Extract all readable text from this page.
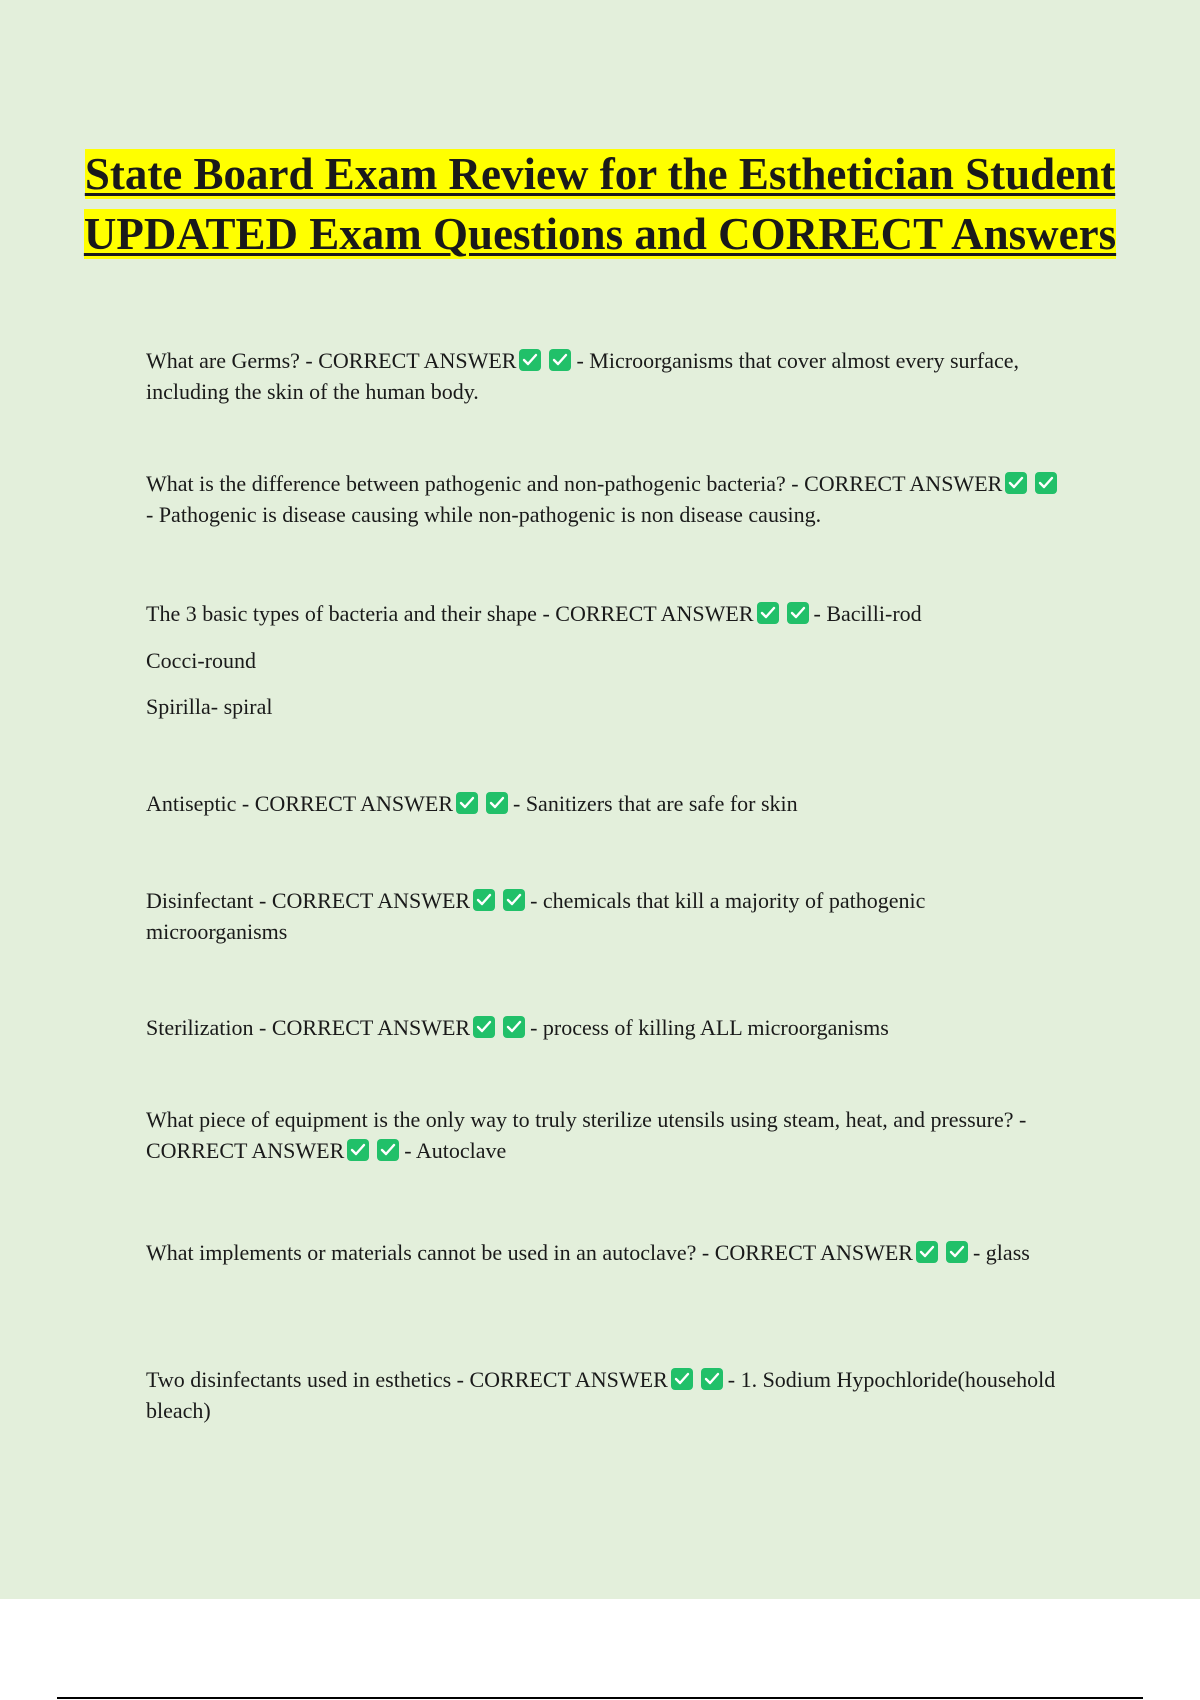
State Board Exam Review for the Esthetician Student UPDATED Exam Questions and CORRECT Answers

What are Germs? - CORRECT ANSWER	- Microorganisms that cover almost every surface, including the skin of the human body.

What is the difference between pathogenic and non-pathogenic bacteria? - CORRECT ANSWER
- Pathogenic is disease causing while non-pathogenic is non disease causing.

The 3 basic types of bacteria and their shape - CORRECT ANSWER	- Bacilli-rod

Cocci-round

Spirilla- spiral

Antiseptic - CORRECT ANSWER	- Sanitizers that are safe for skin

Disinfectant - CORRECT ANSWER	- chemicals that kill a majority of pathogenic microorganisms

Sterilization - CORRECT ANSWER	- process of killing ALL microorganisms

What piece of equipment is the only way to truly sterilize utensils using steam, heat, and pressure? - CORRECT ANSWER	- Autoclave

What implements or materials cannot be used in an autoclave? - CORRECT ANSWER	- glass

Two disinfectants used in esthetics - CORRECT ANSWER	- 1. Sodium Hypochloride(household bleach)
